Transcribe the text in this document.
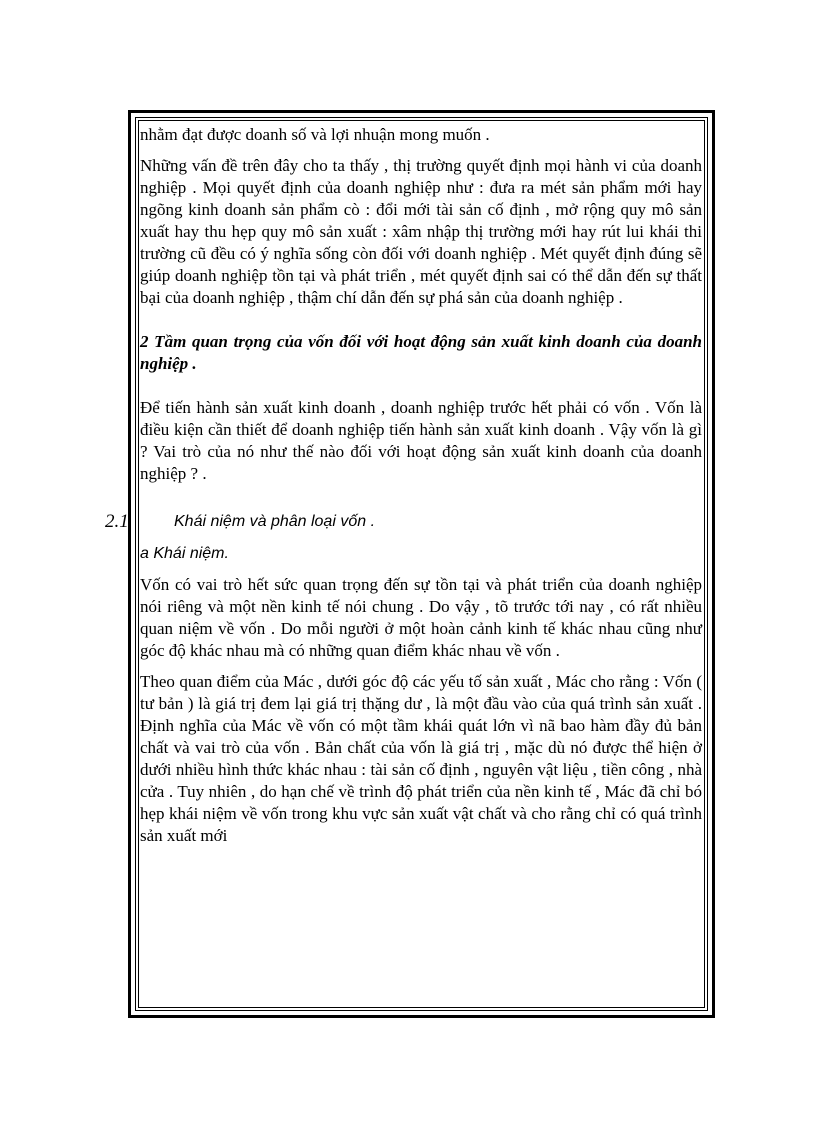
nhằm đạt được doanh số và lợi nhuận mong muốn .

Những vấn đề trên đây cho ta thấy , thị trường quyết định mọi hành vi của doanh nghiệp . Mọi quyết định của doanh nghiệp như : đưa ra mét sản phẩm mới hay ngõng kinh doanh sản phẩm cò : đổi mới tài sản cố định , mở rộng quy mô sản xuất hay thu hẹp quy mô sản xuất : xâm nhập thị trường mới hay rút lui khái thi trường cũ đều có ý nghĩa sống còn đối với doanh nghiệp . Mét quyết định đúng sẽ giúp doanh nghiệp tồn tại và phát triển , mét quyết định sai có thể dẫn đến sự thất bại của doanh nghiệp , thậm chí dẫn đến sự phá sản của doanh nghiệp .

2 Tầm quan trọng của vốn đối với hoạt động sản xuất kinh doanh của doanh nghiệp .

Để tiến hành sản xuất kinh doanh , doanh nghiệp trước hết phải có vốn . Vốn là điều kiện cần thiết để doanh nghiệp tiến hành sản xuất kinh doanh . Vậy vốn là gì ? Vai trò của nó như thế nào đối với hoạt động sản xuất kinh doanh của doanh nghiệp ? .

2.1	Khái niệm và phân loại vốn .

a Khái niệm.

Vốn có vai trò hết sức quan trọng đến sự tồn tại và phát triển của doanh nghiệp nói riêng và một nền kinh tế nói chung . Do vậy , tõ trước tới nay , có rất nhiều quan niệm về vốn . Do mỗi người ở một hoàn cảnh kinh tế khác nhau cũng như góc độ khác nhau mà có những quan điểm khác nhau về vốn .

Theo quan điểm của Mác , dưới góc độ các yếu tố sản xuất , Mác cho rằng : Vốn ( tư bản ) là giá trị đem lại giá trị thặng dư , là một đầu vào của quá trình sản xuất . Định nghĩa của Mác về vốn có một tầm khái quát lớn vì nã bao hàm đầy đủ bản chất và vai trò của vốn . Bản chất của vốn là giá trị , mặc dù nó được thể hiện ở dưới nhiều hình thức khác nhau : tài sản cố định , nguyên vật liệu , tiền công , nhà cửa . Tuy nhiên , do hạn chế về trình độ phát triển của nền kinh tế , Mác đã chỉ bó hẹp khái niệm về vốn trong khu vực sản xuất vật chất và cho rằng chỉ có quá trình sản xuất mới
